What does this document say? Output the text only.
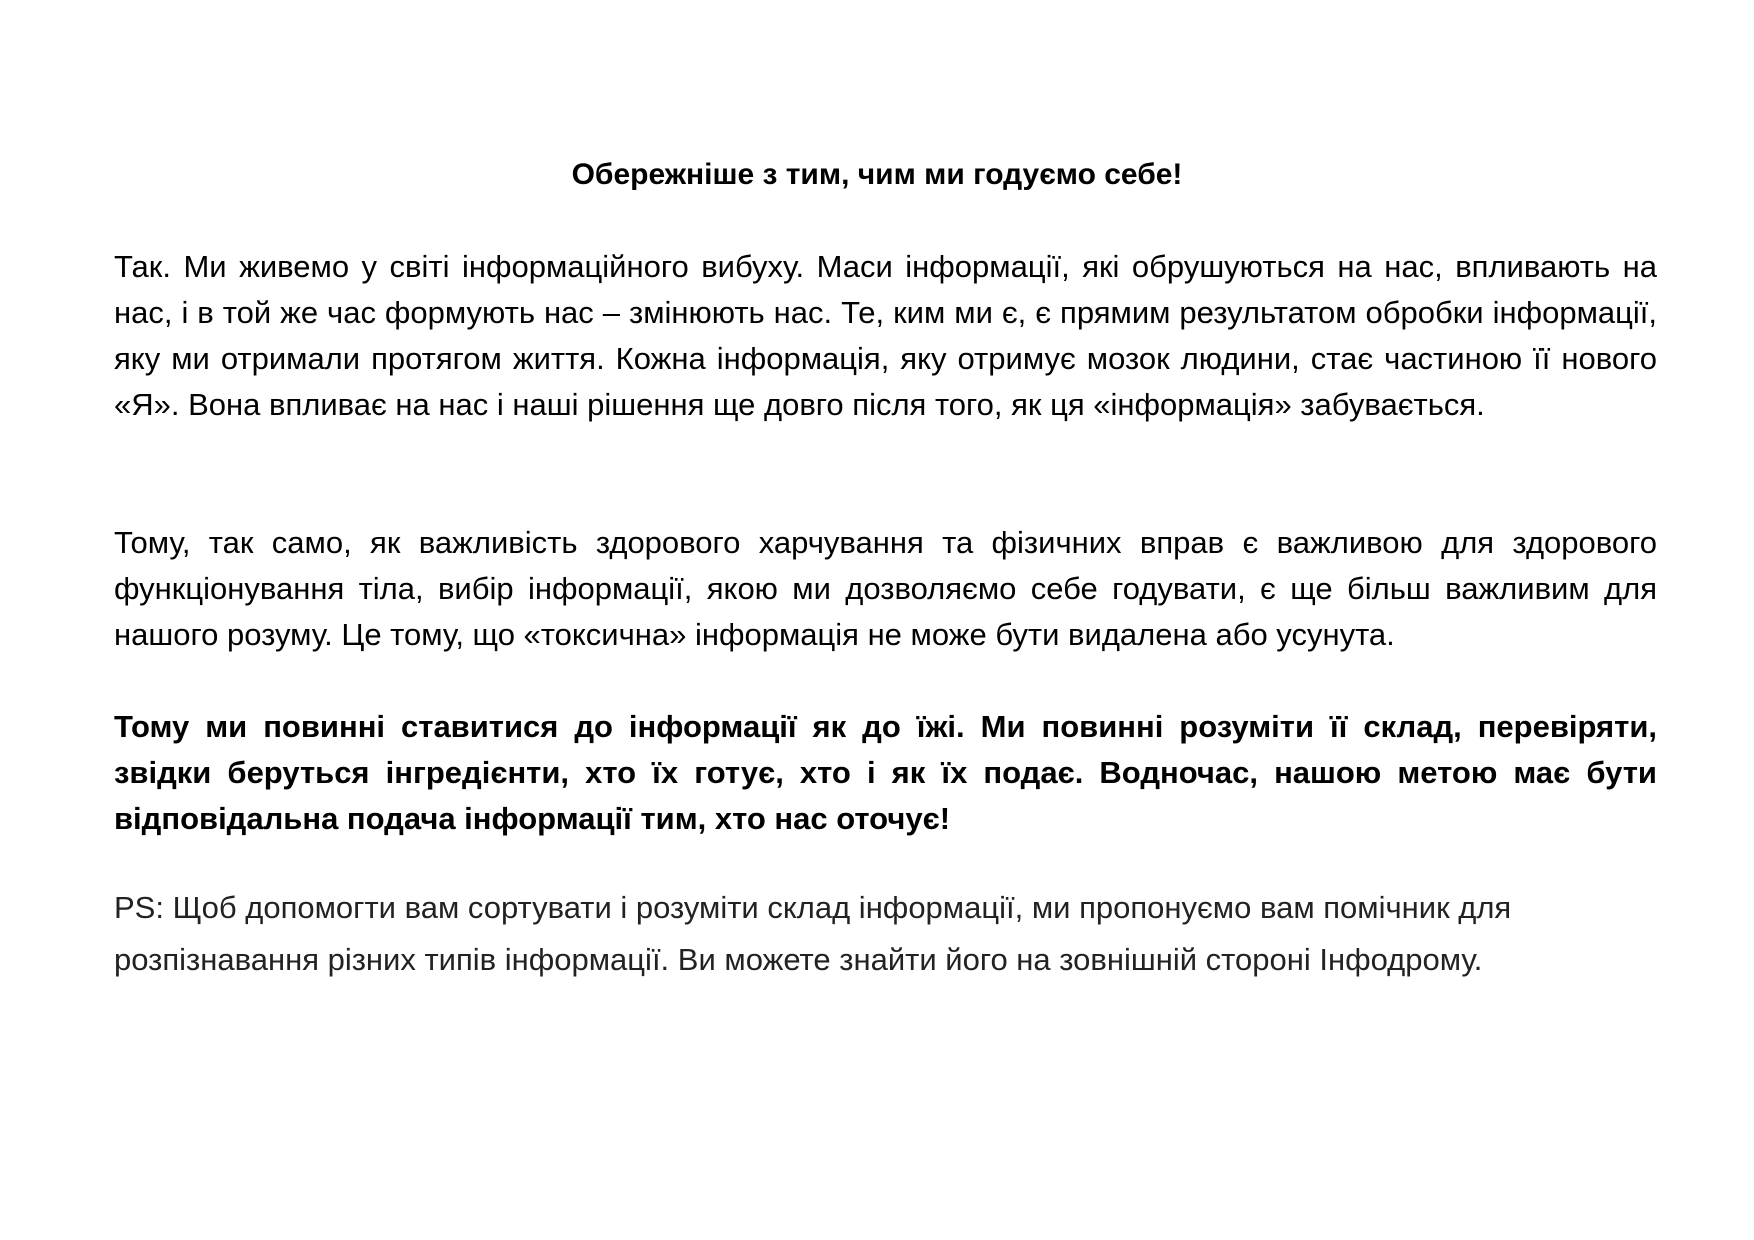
Обережніше з тим, чим ми годуємо себе!

Так. Ми живемо у світі інформаційного вибуху. Маси інформації, які обрушуються на нас, впливають на нас, і в той же час формують нас – змінюють нас. Те, ким ми є, є прямим результатом обробки інформації, яку ми отримали протягом життя. Кожна інформація, яку отримує мозок людини, стає частиною її нового «Я». Вона впливає на нас і наші рішення ще довго після того, як ця «інформація» забувається.

Тому, так само, як важливість здорового харчування та фізичних вправ є важливою для здорового функціонування тіла, вибір інформації, якою ми дозволяємо себе годувати, є ще більш важливим для нашого розуму. Це тому, що «токсична» інформація не може бути видалена або усунута.

Тому ми повинні ставитися до інформації як до їжі. Ми повинні розуміти її склад, перевіряти, звідки беруться інгредієнти, хто їх готує, хто і як їх подає. Водночас, нашою метою має бути відповідальна подача інформації тим, хто нас оточує!

PS: Щоб допомогти вам сортувати і розуміти склад інформації, ми пропонуємо вам помічник для розпізнавання різних типів інформації. Ви можете знайти його на зовнішній стороні Інфодрому.
